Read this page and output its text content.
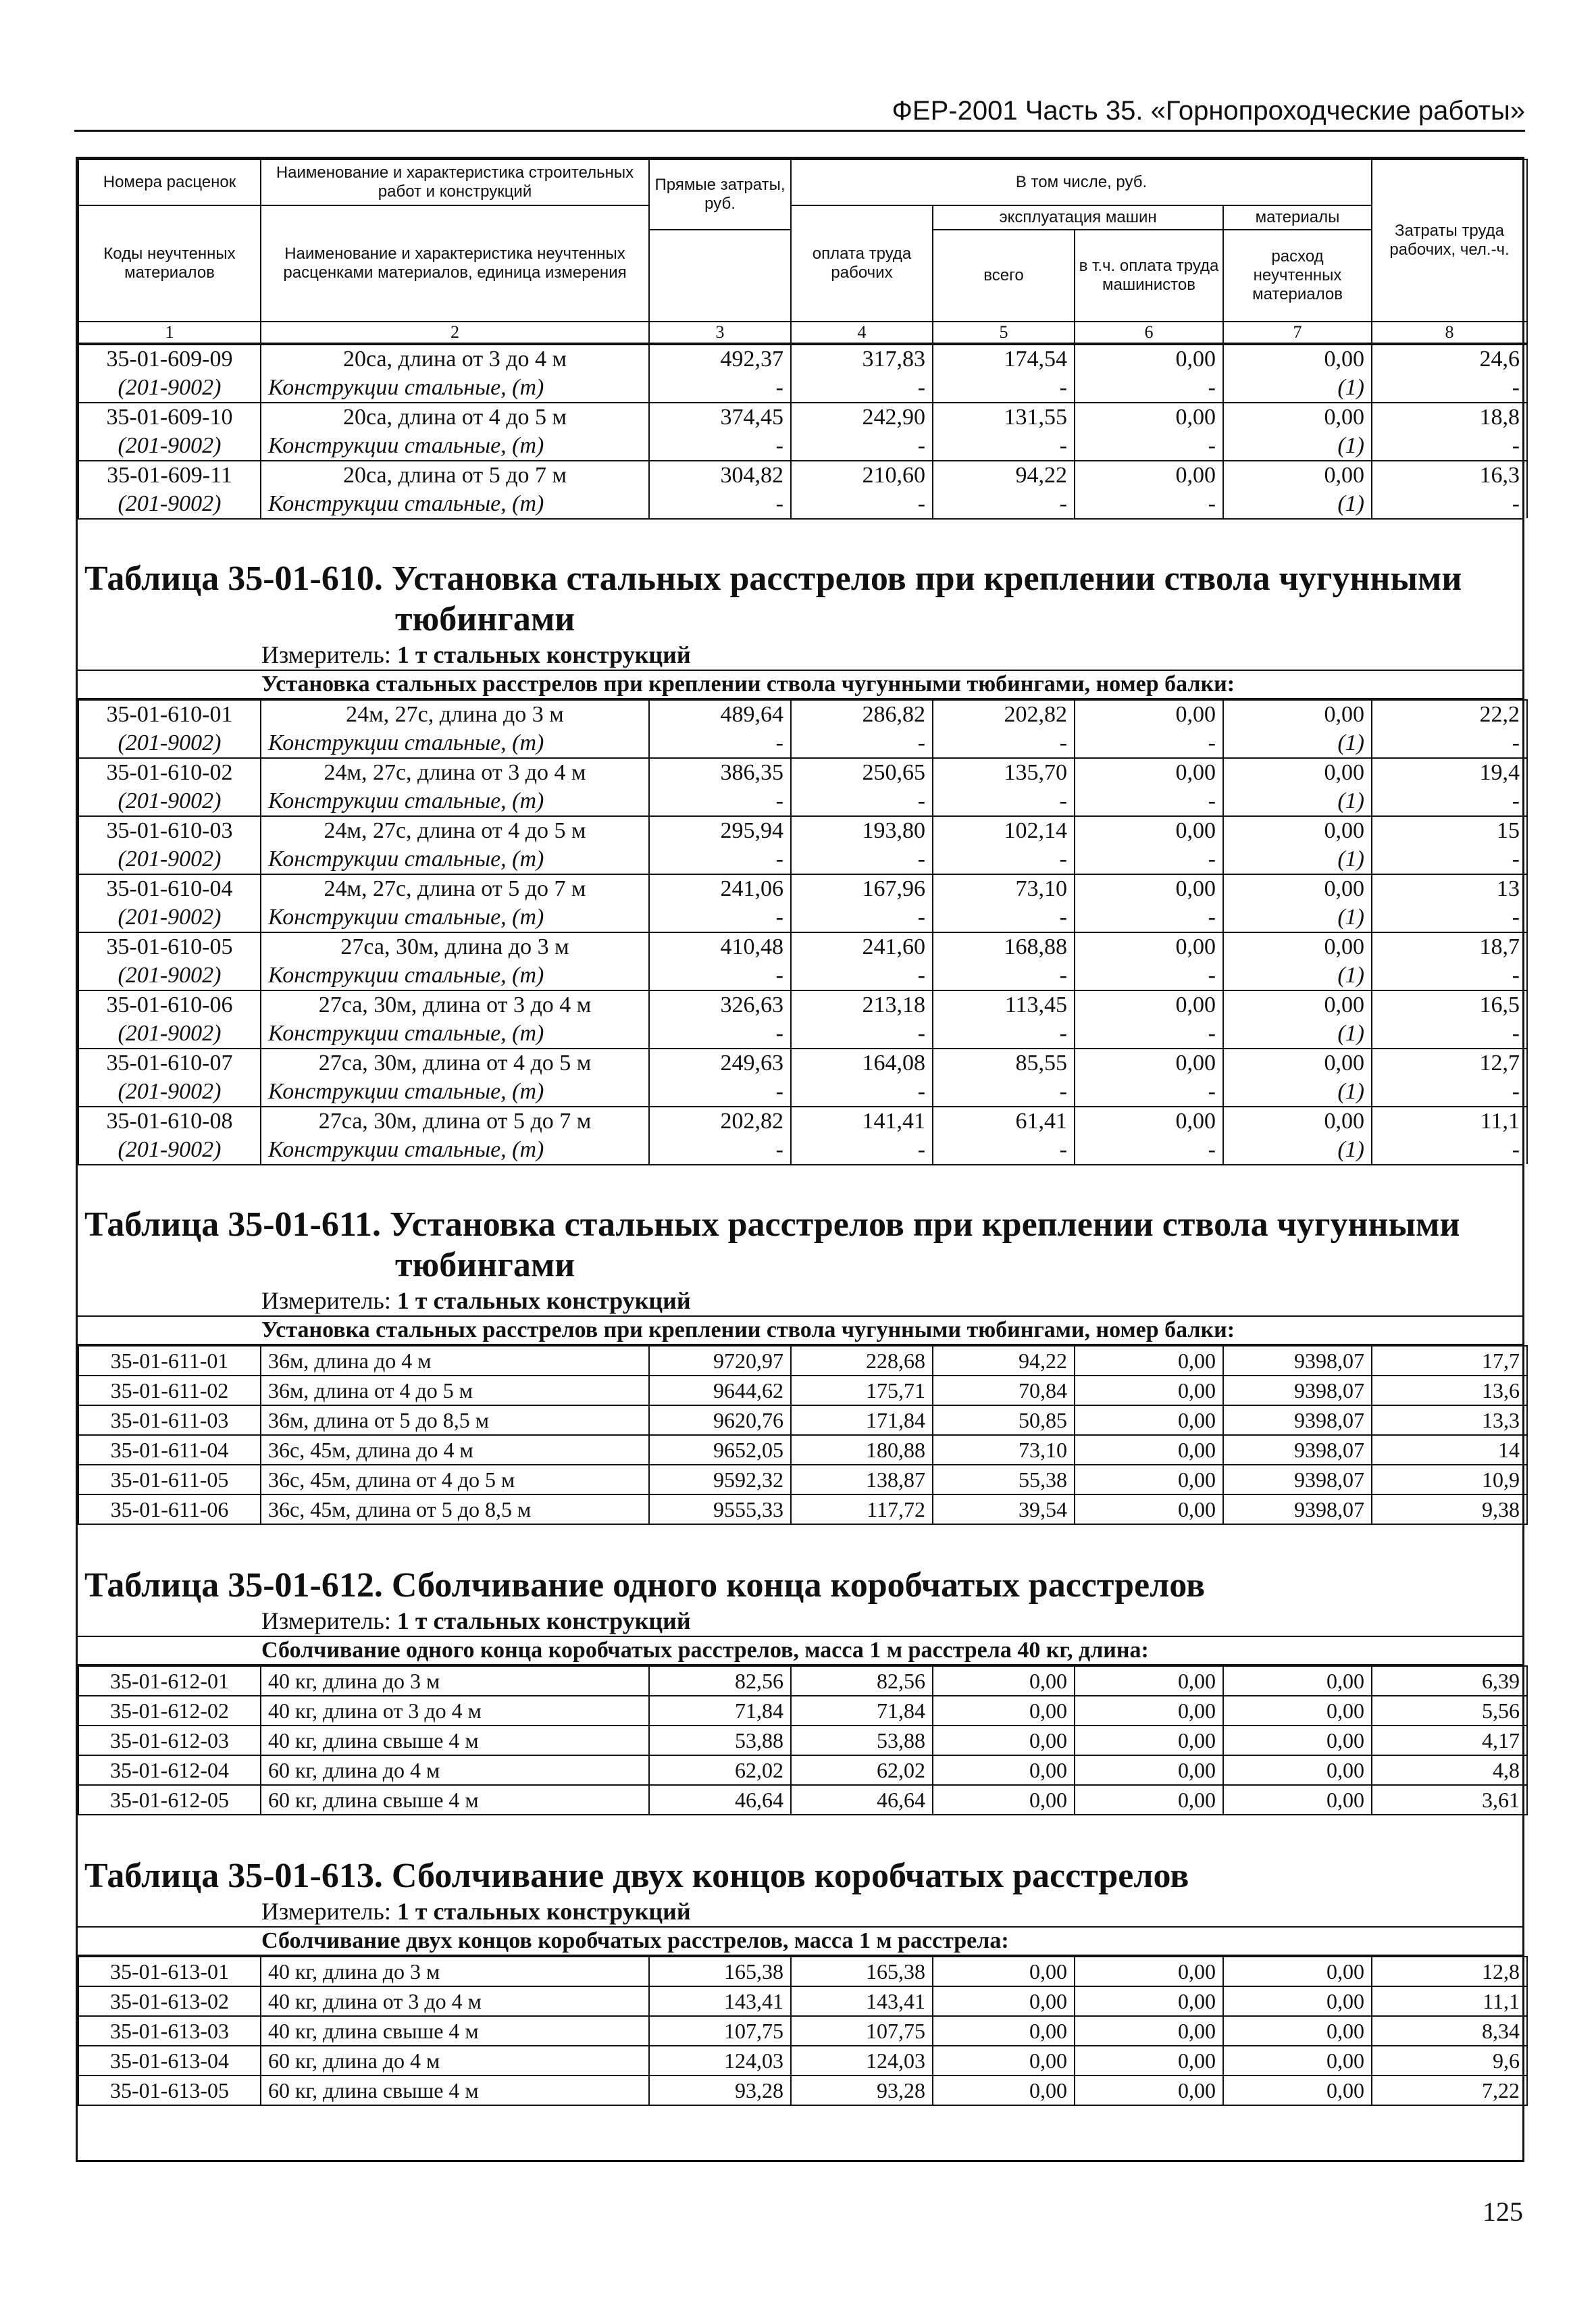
ФЕР-2001 Часть 35. «Горнопроходческие работы»
Номера расценок	Наименование и характеристика строительных работ и конструкций	Прямые затраты, руб.	В том числе, руб.				Затраты труда рабочих, чел.-ч.
Коды неучтенных материалов	Наименование и характеристика неучтенных расценками материалов, единица измерения		оплата труда рабочих	эксплуатация машин		материалы	
				всего	в т.ч. оплата труда машинистов	расход неучтенных материалов	

1	2	3	4	5	6	7	8
35-01-609-09	20са, длина от 3 до 4 м	492,37	317,83	174,54	0,00	0,00	24,6
(201-9002)	Конструкции стальные, (т)	-	-	-	-	(1)	-
35-01-609-10	20са, длина от 4 до 5 м	374,45	242,90	131,55	0,00	0,00	18,8
(201-9002)	Конструкции стальные, (т)	-	-	-	-	(1)	-
35-01-609-11	20са, длина от 5 до 7 м	304,82	210,60	94,22	0,00	0,00	16,3
(201-9002)	Конструкции стальные, (т)	-	-	-	-	(1)	-
Таблица 35-01-610. Установка стальных расстрелов при креплении ствола чугунными
тюбингами
Измеритель: 1 т стальных конструкций
Установка стальных расстрелов при креплении ствола чугунными тюбингами, номер балки:
35-01-610-01	24м, 27с, длина до 3 м	489,64	286,82	202,82	0,00	0,00	22,2
(201-9002)	Конструкции стальные, (т)	-	-	-	-	(1)	-
35-01-610-02	24м, 27с, длина от 3 до 4 м	386,35	250,65	135,70	0,00	0,00	19,4
(201-9002)	Конструкции стальные, (т)	-	-	-	-	(1)	-
35-01-610-03	24м, 27с, длина от 4 до 5 м	295,94	193,80	102,14	0,00	0,00	15
(201-9002)	Конструкции стальные, (т)	-	-	-	-	(1)	-
35-01-610-04	24м, 27с, длина от 5 до 7 м	241,06	167,96	73,10	0,00	0,00	13
(201-9002)	Конструкции стальные, (т)	-	-	-	-	(1)	-
35-01-610-05	27са, 30м, длина до 3 м	410,48	241,60	168,88	0,00	0,00	18,7
(201-9002)	Конструкции стальные, (т)	-	-	-	-	(1)	-
35-01-610-06	27са, 30м, длина от 3 до 4 м	326,63	213,18	113,45	0,00	0,00	16,5
(201-9002)	Конструкции стальные, (т)	-	-	-	-	(1)	-
35-01-610-07	27са, 30м, длина от 4 до 5 м	249,63	164,08	85,55	0,00	0,00	12,7
(201-9002)	Конструкции стальные, (т)	-	-	-	-	(1)	-
35-01-610-08	27са, 30м, длина от 5 до 7 м	202,82	141,41	61,41	0,00	0,00	11,1
(201-9002)	Конструкции стальные, (т)	-	-	-	-	(1)	-
Таблица 35-01-611. Установка стальных расстрелов при креплении ствола чугунными
тюбингами
Измеритель: 1 т стальных конструкций
Установка стальных расстрелов при креплении ствола чугунными тюбингами, номер балки:
35-01-611-01	36м, длина до 4 м	9720,97	228,68	94,22	0,00	9398,07	17,7
35-01-611-02	36м, длина от 4 до 5 м	9644,62	175,71	70,84	0,00	9398,07	13,6
35-01-611-03	36м, длина от 5 до 8,5 м	9620,76	171,84	50,85	0,00	9398,07	13,3
35-01-611-04	36с, 45м, длина до 4 м	9652,05	180,88	73,10	0,00	9398,07	14
35-01-611-05	36с, 45м, длина от 4 до 5 м	9592,32	138,87	55,38	0,00	9398,07	10,9
35-01-611-06	36с, 45м, длина от 5 до 8,5 м	9555,33	117,72	39,54	0,00	9398,07	9,38
Таблица 35-01-612. Сболчивание одного конца коробчатых расстрелов
Измеритель: 1 т стальных конструкций
Сболчивание одного конца коробчатых расстрелов, масса 1 м расстрела 40 кг, длина:
35-01-612-01	40 кг, длина до 3 м	82,56	82,56	0,00	0,00	0,00	6,39
35-01-612-02	40 кг, длина от 3 до 4 м	71,84	71,84	0,00	0,00	0,00	5,56
35-01-612-03	40 кг, длина свыше 4 м	53,88	53,88	0,00	0,00	0,00	4,17
35-01-612-04	60 кг, длина до 4 м	62,02	62,02	0,00	0,00	0,00	4,8
35-01-612-05	60 кг, длина свыше 4 м	46,64	46,64	0,00	0,00	0,00	3,61
Таблица 35-01-613. Сболчивание двух концов коробчатых расстрелов
Измеритель: 1 т стальных конструкций
Сболчивание двух концов коробчатых расстрелов, масса 1 м расстрела:
35-01-613-01	40 кг, длина до 3 м	165,38	165,38	0,00	0,00	0,00	12,8
35-01-613-02	40 кг, длина от 3 до 4 м	143,41	143,41	0,00	0,00	0,00	11,1
35-01-613-03	40 кг, длина свыше 4 м	107,75	107,75	0,00	0,00	0,00	8,34
35-01-613-04	60 кг, длина до 4 м	124,03	124,03	0,00	0,00	0,00	9,6
35-01-613-05	60 кг, длина свыше 4 м	93,28	93,28	0,00	0,00	0,00	7,22
125
